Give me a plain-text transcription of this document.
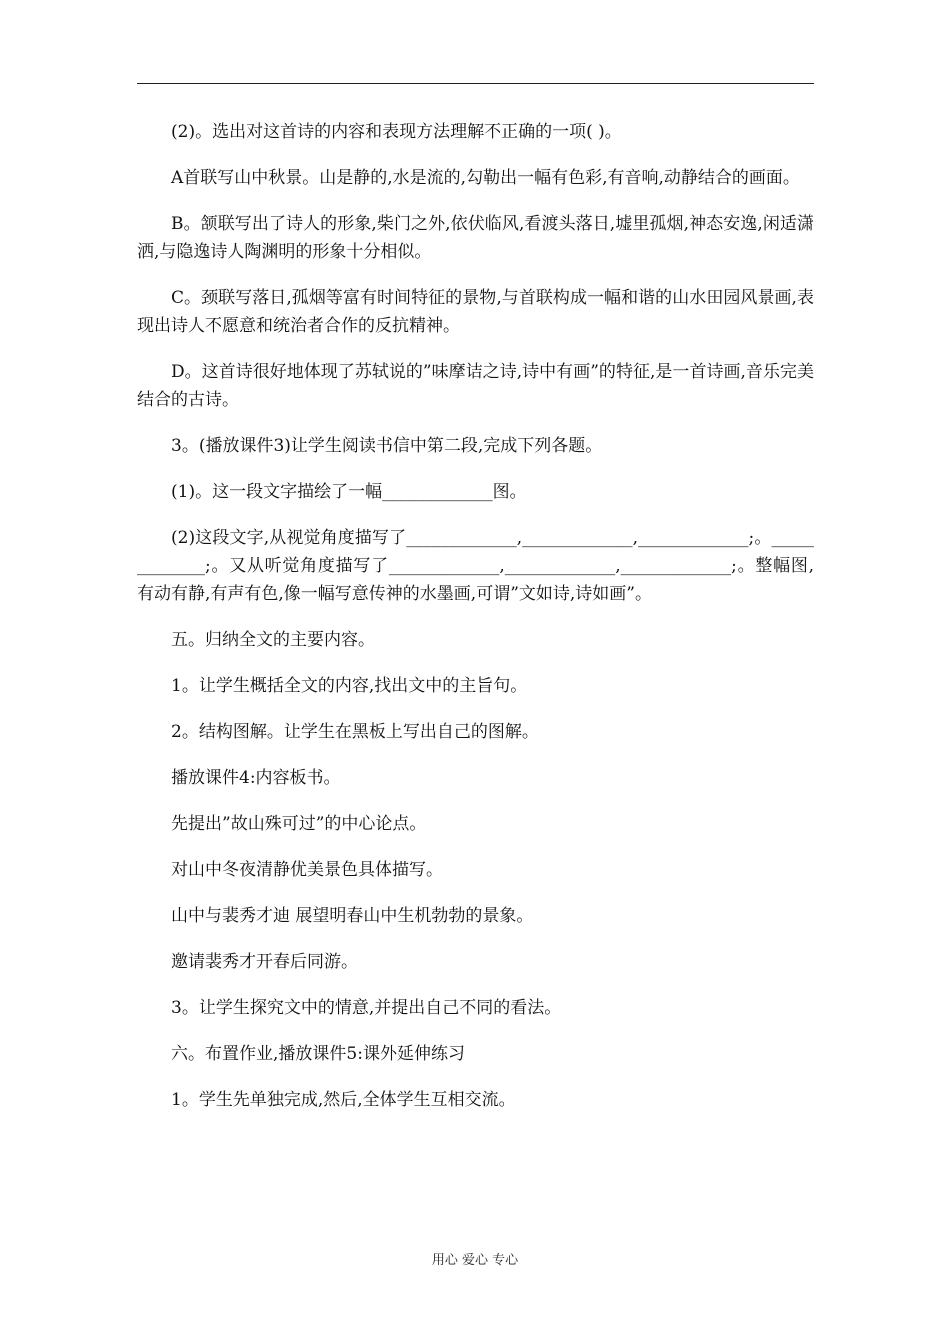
(2)。选出对这首诗的内容和表现方法理解不正确的一项( )。

A首联写山中秋景。山是静的,水是流的,勾勒出一幅有色彩,有音响,动静结合的画面。

B。颔联写出了诗人的形象,柴门之外,依伏临风,看渡头落日,墟里孤烟,神态安逸,闲适潇洒,与隐逸诗人陶渊明的形象十分相似。

C。颈联写落日,孤烟等富有时间特征的景物,与首联构成一幅和谐的山水田园风景画,表现出诗人不愿意和统治者合作的反抗精神。

D。这首诗很好地体现了苏轼说的”味摩诘之诗,诗中有画”的特征,是一首诗画,音乐完美结合的古诗。

3。(播放课件3)让学生阅读书信中第二段,完成下列各题。

(1)。这一段文字描绘了一幅_____________图。

(2)这段文字,从视觉角度描写了_____________,_____________,_____________;。_____________;。又从听觉角度描写了_____________,_____________,_____________;。整幅图,有动有静,有声有色,像一幅写意传神的水墨画,可谓”文如诗,诗如画”。

五。归纳全文的主要内容。

1。让学生概括全文的内容,找出文中的主旨句。

2。结构图解。让学生在黑板上写出自己的图解。

播放课件4:内容板书。

先提出”故山殊可过”的中心论点。

对山中冬夜清静优美景色具体描写。

山中与裴秀才迪 展望明春山中生机勃勃的景象。

邀请裴秀才开春后同游。

3。让学生探究文中的情意,并提出自己不同的看法。

六。布置作业,播放课件5:课外延伸练习

1。学生先单独完成,然后,全体学生互相交流。

用心 爱心 专心
